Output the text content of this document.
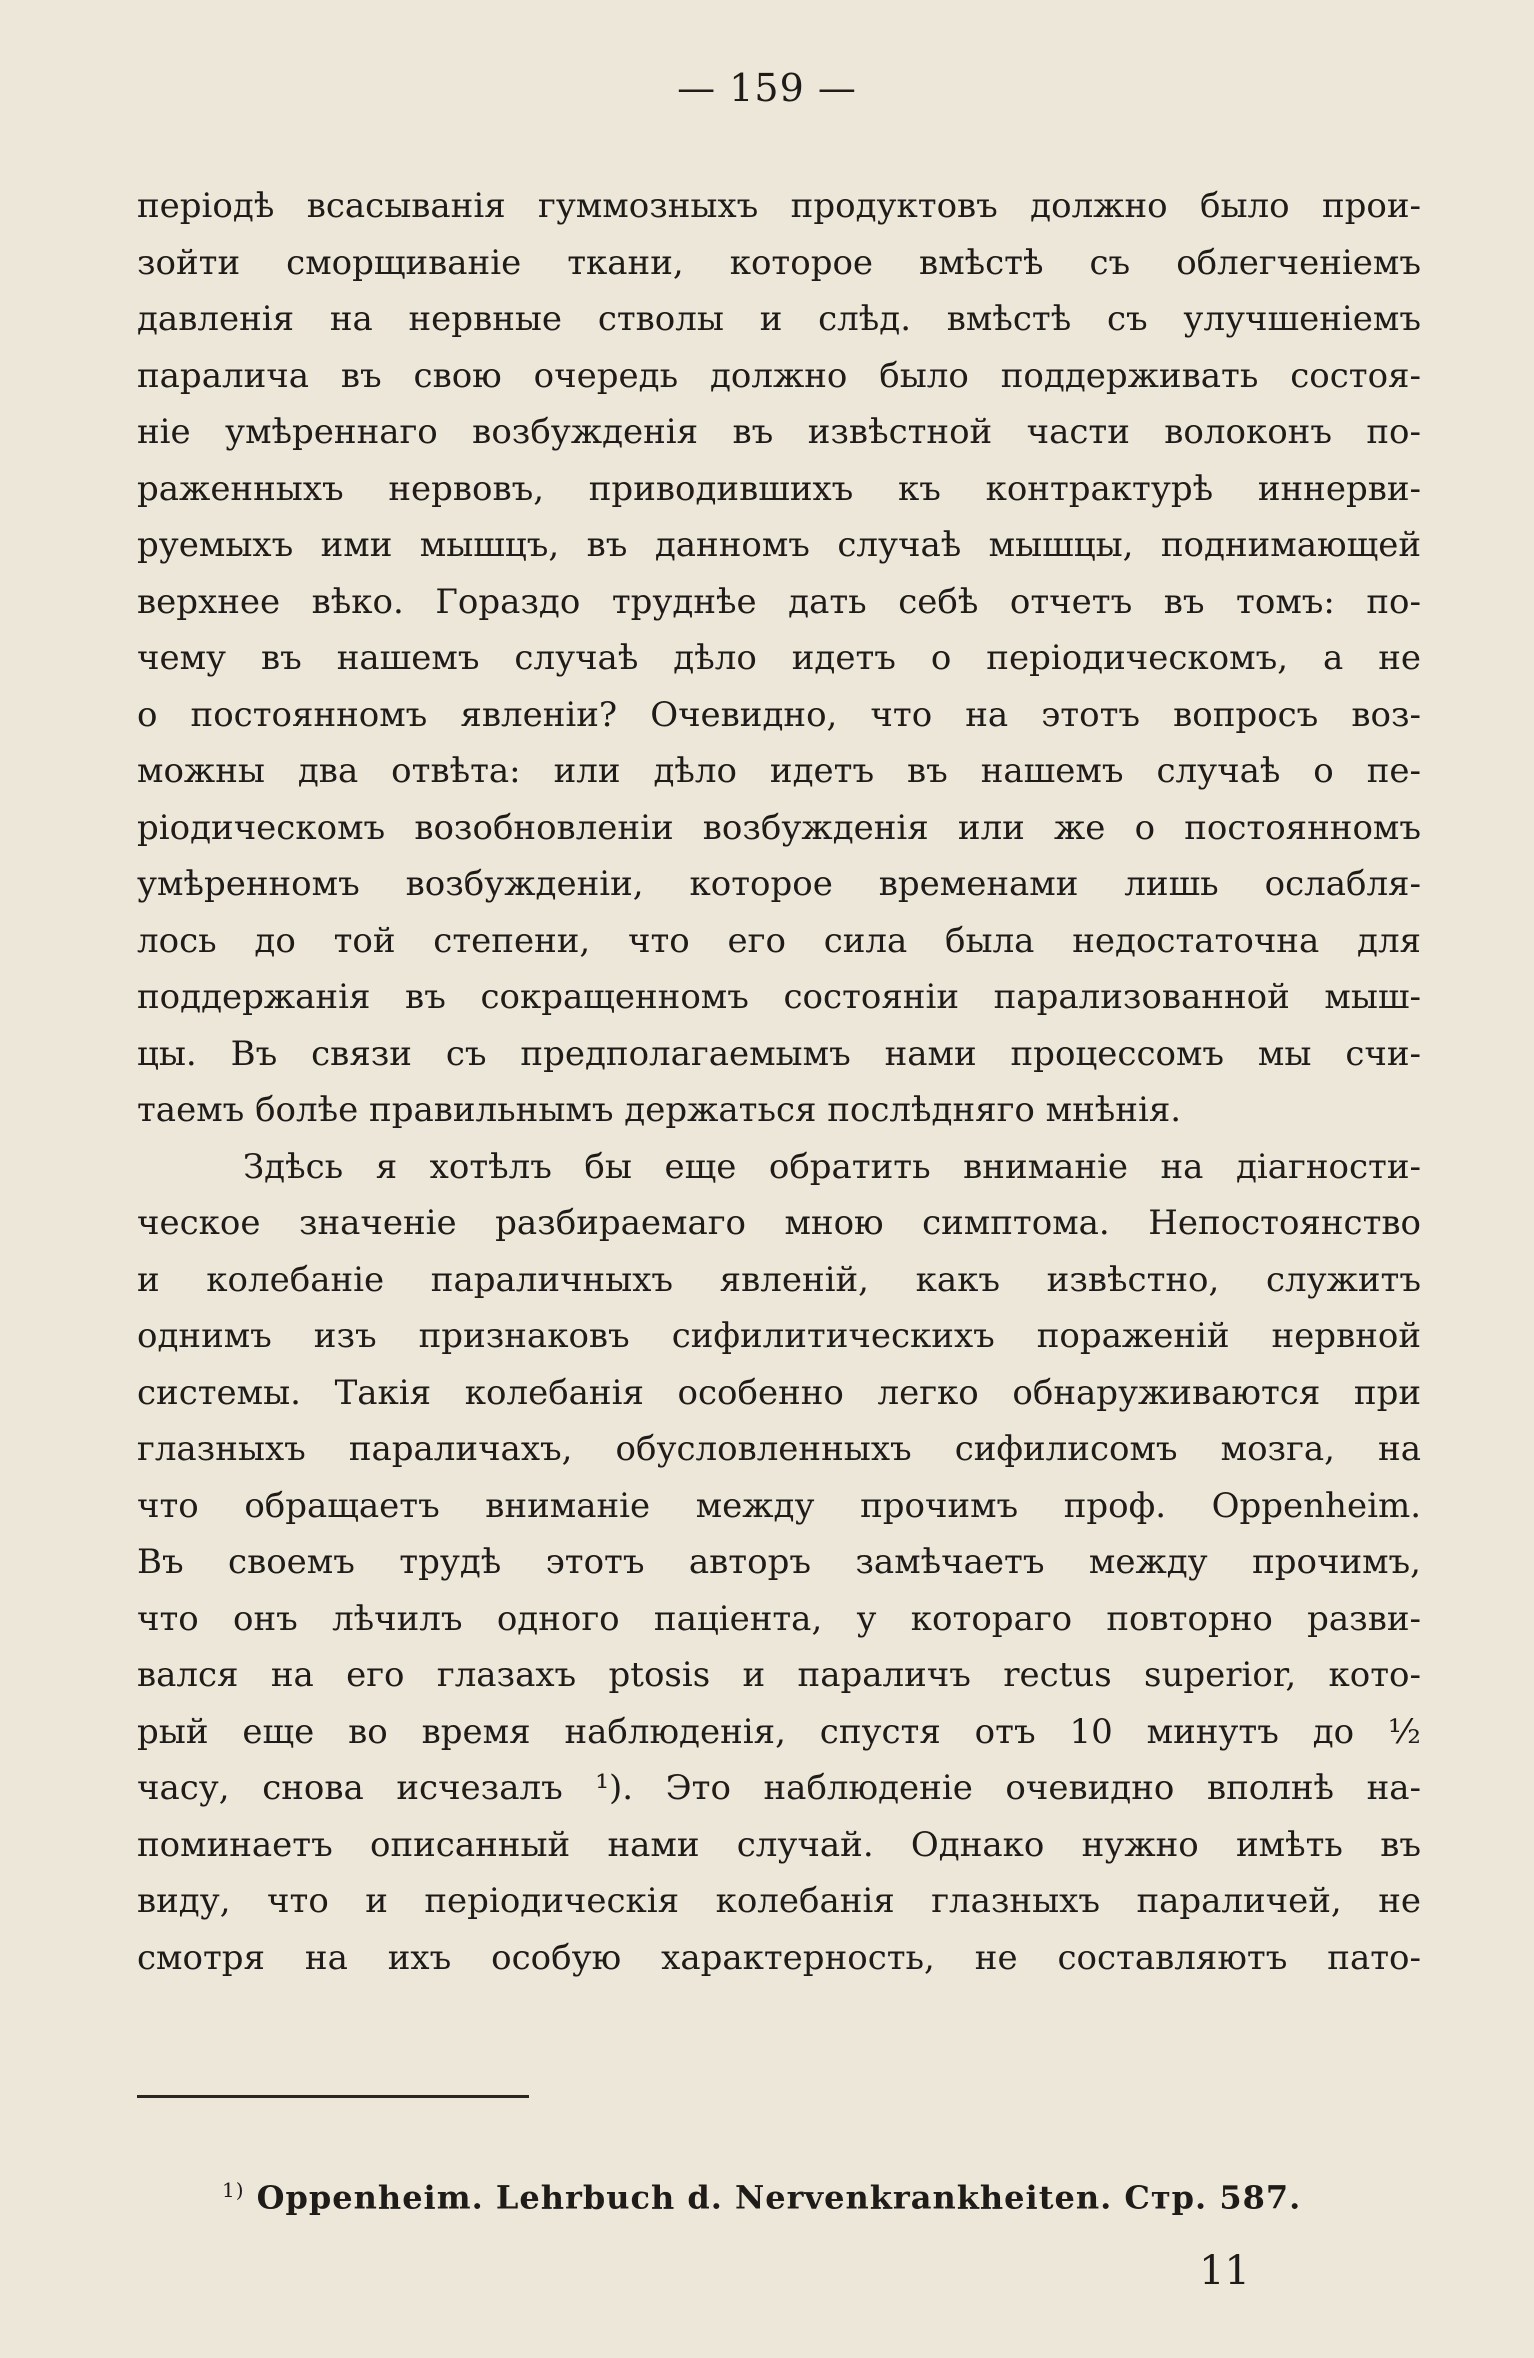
— 159 —
періодѣ всасыванія гуммозныхъ продуктовъ должно было прои-
зойти сморщиваніе ткани, которое вмѣстѣ съ облегченіемъ
давленія на нервные стволы и слѣд. вмѣстѣ съ улучшеніемъ
паралича въ свою очередь должно было поддерживать состоя-
ніе умѣреннаго возбужденія въ извѣстной части волоконъ по-
раженныхъ нервовъ, приводившихъ къ контрактурѣ иннерви-
руемыхъ ими мышцъ, въ данномъ случаѣ мышцы, поднимающей
верхнее вѣко. Гораздо труднѣе дать себѣ отчетъ въ томъ: по-
чему въ нашемъ случаѣ дѣло идетъ о періодическомъ, а не
о постоянномъ явленіи? Очевидно, что на этотъ вопросъ воз-
можны два отвѣта: или дѣло идетъ въ нашемъ случаѣ о пе-
ріодическомъ возобновленіи возбужденія или же о постоянномъ
умѣренномъ возбужденіи, которое временами лишь ослабля-
лось до той степени, что его сила была недостаточна для
поддержанія въ сокращенномъ состояніи парализованной мыш-
цы. Въ связи съ предполагаемымъ нами процессомъ мы счи-
таемъ болѣе правильнымъ держаться послѣдняго мнѣнія.
Здѣсь я хотѣлъ бы еще обратить вниманіе на діагности-
ческое значеніе разбираемаго мною симптома. Непостоянство
и колебаніе параличныхъ явленій, какъ извѣстно, служитъ
однимъ изъ признаковъ сифилитическихъ пораженій нервной
системы. Такія колебанія особенно легко обнаруживаются при
глазныхъ параличахъ, обусловленныхъ сифилисомъ мозга, на
что обращаетъ вниманіе между прочимъ проф. Oppenheim.
Въ своемъ трудѣ этотъ авторъ замѣчаетъ между прочимъ,
что онъ лѣчилъ одного паціента, у котораго повторно разви-
вался на его глазахъ ptosis и параличъ rectus superior, кото-
рый еще во время наблюденія, спустя отъ 10 минутъ до ½
часу, снова исчезалъ ¹). Это наблюденіе очевидно вполнѣ на-
поминаетъ описанный нами случай. Однако нужно имѣть въ
виду, что и періодическія колебанія глазныхъ параличей, не
смотря на ихъ особую характерность, не составляютъ пато-
$^{1)}$ Oppenheim. Lehrbuch d. Nervenkrankheiten. Стр. 587.
11
